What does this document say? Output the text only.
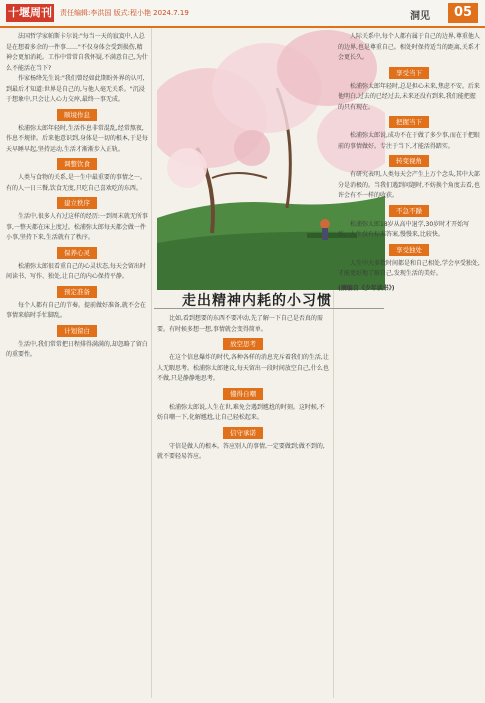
十堰周刊 责任编辑:李洪国 版式:程小艳 2024.7.19	洞见	05

法国哲学家帕斯卡尔说:"每当一天的寂寞中,人总是在想着多余的一件事……"不仅身体会受到损伤,精神会更加消耗。工作中常常自我怀疑,不满意自己,为什么不能活在当下?

作家杨绛先生说:"我们曾经如此期盼外界的认可,到最后才知道:世界是自己的,与他人毫无关系。"沉浸于想象中,只会让人心力交瘁,最终一事无成。

顺境作息

松浦弥太郎年轻时,生活作息非常混乱,经常熬夜,作息不规律。后来他意识到,身体是一切的根本,于是每天早睡早起,坚持运动,生活才渐渐步入正轨。

调整饮食

人类与食物的关系,是一生中最重要的事情之一。有的人一日三餐,饮食无度,只吃自己喜欢吃的东西。

建立秩序

生活中,很多人有过这样的经历:一到周末就无所事事,一整天都在床上度过。松浦弥太郎每天都会做一件小事,坚持下来,生活就有了秩序。

保养心灵

松浦弥太郎很看重自己的心灵状态,每天会留出时间读书、写作、独处,让自己的内心保持平静。

预定准备

每个人都有自己的节奏。提前做好准备,就不会在事情来临时手忙脚乱。

计划留白

生活中,我们常常把日程排得满满的,却忽略了留白的重要性。

走出精神内耗的小习惯

比如,看到想要的东西不要冲动,先了解一下自己是否真的需要。有时候多想一想,事情就会变得简单。

放空思考

在这个信息爆炸的时代,各种各样的消息充斥着我们的生活,让人无暇思考。松浦弥太郎建议,每天留出一段时间放空自己,什么也不做,只是静静地思考。

懂得自嘲

松浦弥太郎说,人生在世,难免会遇到尴尬的时刻。这时候,不妨自嘲一下,化解尴尬,让自己轻松起来。

信守承诺

守信是做人的根本。答应别人的事情,一定要做到;做不到的,就不要轻易答应。

人际关系中,每个人都有属于自己的边界,尊重他人的边界,也是尊重自己。相处时保持适当的距离,关系才会更长久。

享受当下

松浦弥太郎年轻时,总是担心未来,焦虑不安。后来他明白,过去的已经过去,未来还没有到来,我们能把握的只有现在。

把握当下

松浦弥太郎说,成功不在于做了多少事,而在于把眼前的事情做好。专注于当下,才能活得踏实。

转变视角

有研究表明,人类每天会产生上万个念头,其中大部分是消极的。当我们遇到问题时,不妨换个角度去看,也许会有不一样的收获。

不急不躁

松浦弥太郎18岁从高中退学,30岁时才开始写作。人生没有标准答案,慢慢来,比较快。

享受独处

人生中大多数时间都是和自己相处,学会享受独处,才能更好地了解自己,发现生活的美好。

(摘编自《少年读书》)
